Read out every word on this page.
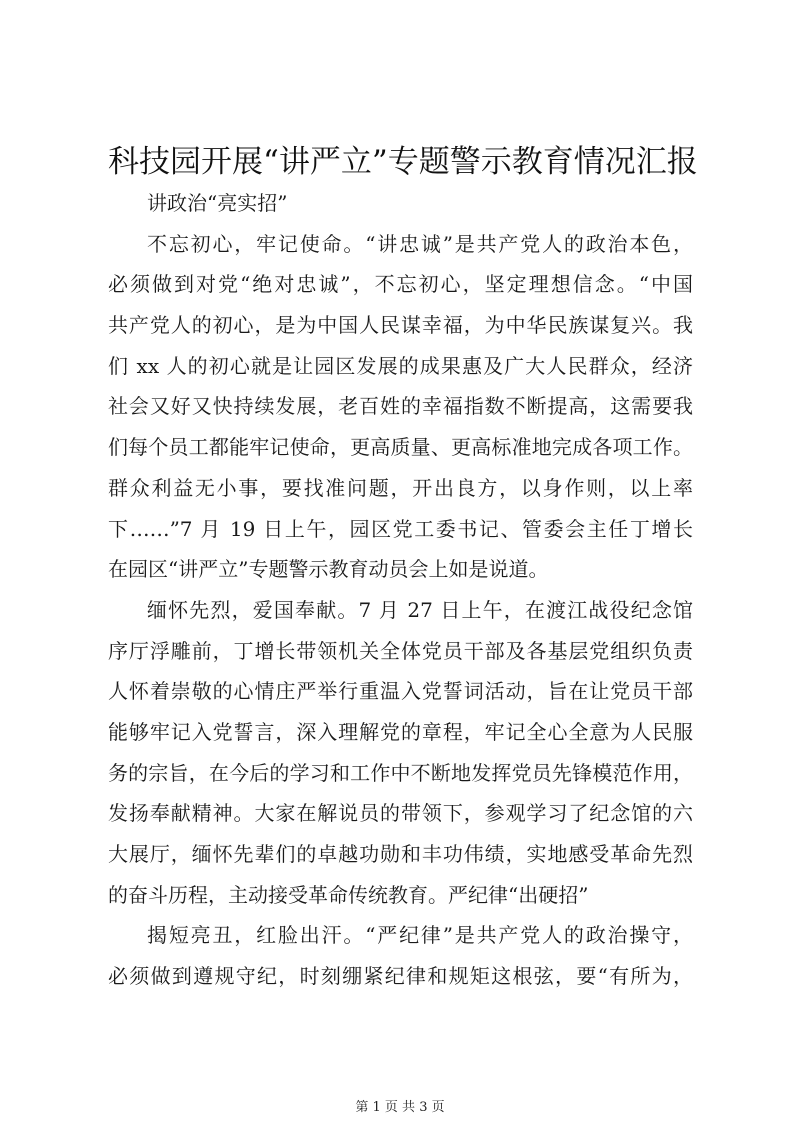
科技园开展“讲严立”专题警示教育情况汇报
讲政治“亮实招”
不忘初心，牢记使命。“讲忠诚”是共产党人的政治本色，
必须做到对党“绝对忠诚”，不忘初心，坚定理想信念。“中国
共产党人的初心，是为中国人民谋幸福，为中华民族谋复兴。我
们 xx 人的初心就是让园区发展的成果惠及广大人民群众，经济
社会又好又快持续发展，老百姓的幸福指数不断提高，这需要我
们每个员工都能牢记使命，更高质量、更高标准地完成各项工作。
群众利益无小事，要找准问题，开出良方，以身作则，以上率
下……”7 月 19 日上午，园区党工委书记、管委会主任丁增长
在园区“讲严立”专题警示教育动员会上如是说道。
缅怀先烈，爱国奉献。7 月 27 日上午，在渡江战役纪念馆
序厅浮雕前，丁增长带领机关全体党员干部及各基层党组织负责
人怀着崇敬的心情庄严举行重温入党誓词活动，旨在让党员干部
能够牢记入党誓言，深入理解党的章程，牢记全心全意为人民服
务的宗旨，在今后的学习和工作中不断地发挥党员先锋模范作用，
发扬奉献精神。大家在解说员的带领下，参观学习了纪念馆的六
大展厅，缅怀先辈们的卓越功勋和丰功伟绩，实地感受革命先烈
的奋斗历程，主动接受革命传统教育。严纪律“出硬招”
揭短亮丑，红脸出汗。“严纪律”是共产党人的政治操守，
必须做到遵规守纪，时刻绷紧纪律和规矩这根弦，要“有所为，
第 1 页 共 3 页
